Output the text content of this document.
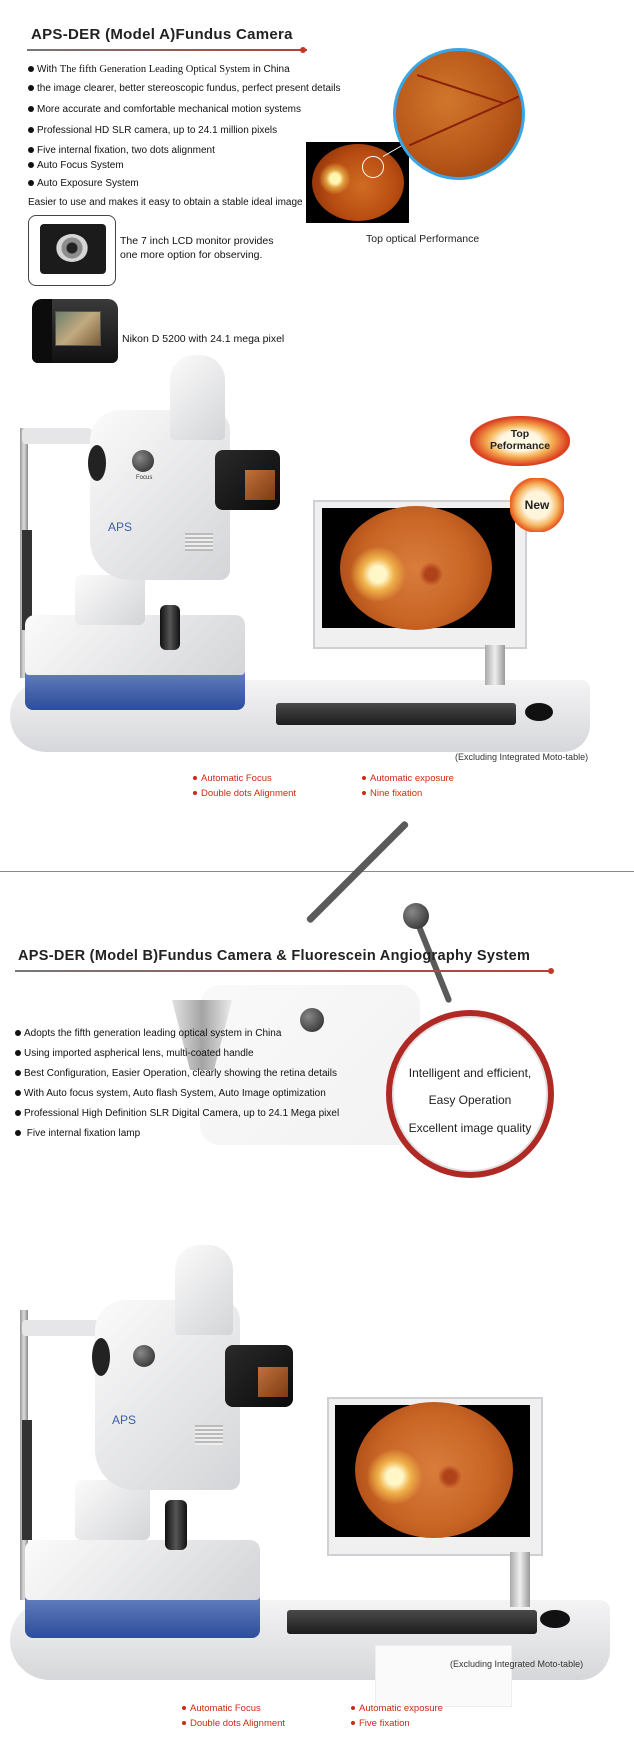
APS-DER (Model A)Fundus Camera
With The fifth Generation Leading Optical System in China
the image clearer, better stereoscopic fundus, perfect present details
More accurate and comfortable mechanical motion systems
Professional HD SLR camera, up to 24.1 million pixels
Five internal fixation, two dots alignment
Auto Focus System
Auto Exposure System
Easier to use and makes it easy to obtain a stable ideal image
The 7 inch LCD monitor provides
one more option for observing.
Nikon D 5200 with 24.1 mega pixel
Top optical Performance
Focus
APS
Top
Peformance
New
(Excluding Integrated Moto-table)
Automatic Focus
Double dots Alignment
Automatic exposure
Nine fixation
APS-DER (Model B)Fundus Camera & Fluorescein Angiography System
Adopts the fifth generation leading optical system in China
Using imported aspherical lens, multi-coated handle
Best Configuration, Easier Operation, clearly showing the retina details
With Auto focus system, Auto flash System, Auto Image optimization
Professional High Definition SLR Digital Camera, up to 24.1 Mega pixel
Five internal fixation lamp
Intelligent and efficient,
Easy Operation
Excellent image quality
APS
(Excluding Integrated Moto-table)
Automatic Focus
Double dots Alignment
Automatic exposure
Five fixation
